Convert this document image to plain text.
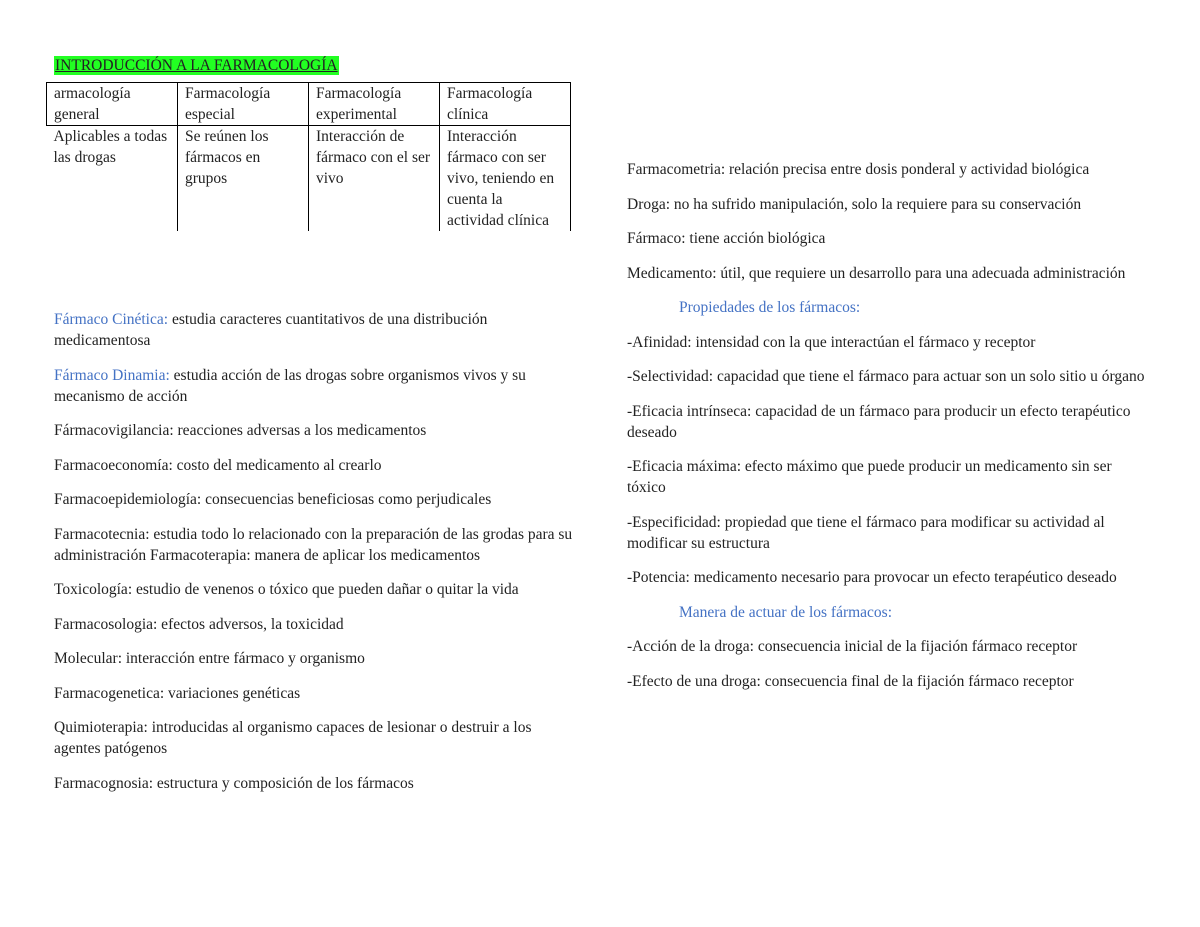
INTRODUCCIÓN A LA FARMACOLOGÍA
armacología general	Farmacología especial	Farmacología experimental	Farmacología clínica
Aplicables a todas las drogas	Se reúnen los fármacos en grupos	Interacción de fármaco con el ser vivo	Interacción fármaco con ser vivo, teniendo en cuenta la actividad clínica

Fármaco Cinética: estudia caracteres cuantitativos de una distribución medicamentosa

Fármaco Dinamia: estudia acción de las drogas sobre organismos vivos y su mecanismo de acción

Fármacovigilancia: reacciones adversas a los medicamentos

Farmacoeconomía: costo del medicamento al crearlo

Farmacoepidemiología: consecuencias beneficiosas como perjudicales

Farmacotecnia: estudia todo lo relacionado con la preparación de las grodas para su administración Farmacoterapia: manera de aplicar los medicamentos

Toxicología: estudio de venenos o tóxico que pueden dañar o quitar la vida

Farmacosologia: efectos adversos, la toxicidad

Molecular: interacción entre fármaco y organismo

Farmacogenetica: variaciones genéticas

Quimioterapia: introducidas al organismo capaces de lesionar o destruir a los agentes patógenos

Farmacognosia: estructura y composición de los fármacos

Farmacometria: relación precisa entre dosis ponderal y actividad biológica

Droga: no ha sufrido manipulación, solo la requiere para su conservación

Fármaco: tiene acción biológica

Medicamento: útil, que requiere un desarrollo para una adecuada administración

Propiedades de los fármacos:

-Afinidad: intensidad con la que interactúan el fármaco y receptor

-Selectividad: capacidad que tiene el fármaco para actuar son un solo sitio u órgano

-Eficacia intrínseca: capacidad de un fármaco para producir un efecto terapéutico deseado

-Eficacia máxima: efecto máximo que puede producir un medicamento sin ser tóxico

-Especificidad: propiedad que tiene el fármaco para modificar su actividad al modificar su estructura

-Potencia: medicamento necesario para provocar un efecto terapéutico deseado

Manera de actuar de los fármacos:

-Acción de la droga: consecuencia inicial de la fijación fármaco receptor

-Efecto de una droga: consecuencia final de la fijación fármaco receptor
